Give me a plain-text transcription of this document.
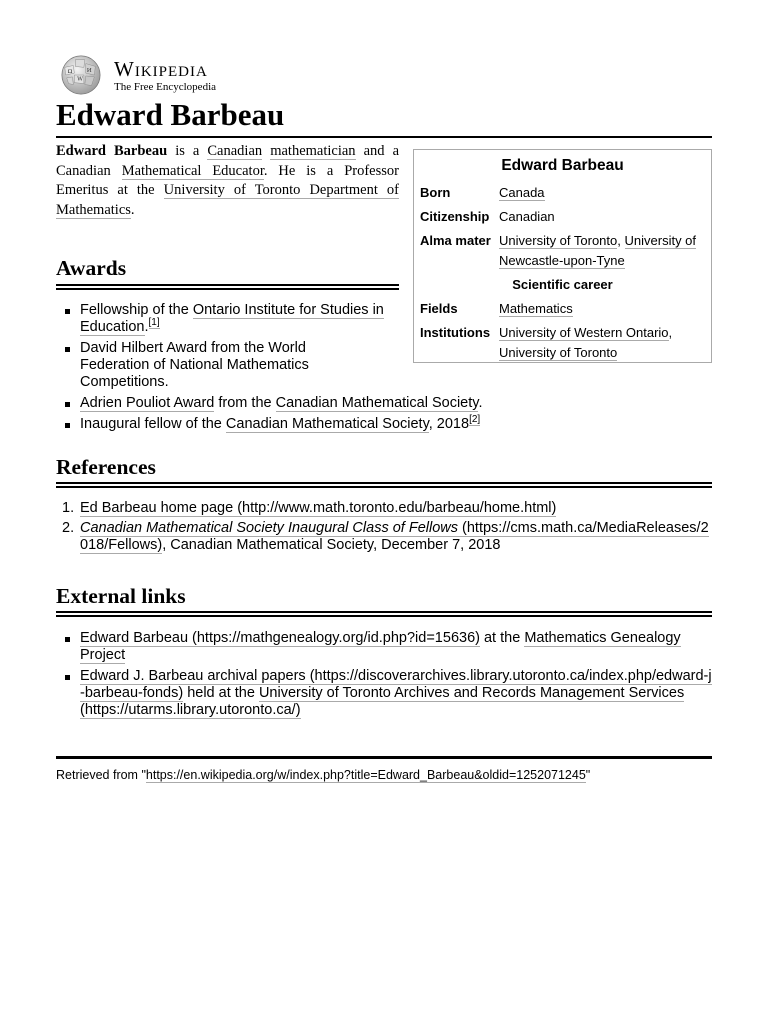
Ω
W
И Wikipedia
The Free Encyclopedia
Edward Barbeau

Edward Barbeau is a Canadian mathematician and a Canadian Mathematical Educator. He is a Professor Emeritus at the University of Toronto Department of Mathematics.

Edward Barbeau
Born	Canada
Citizenship	Canadian
Alma mater	University of Toronto, University of Newcastle-upon-Tyne
Scientific career	
Fields	Mathematics
Institutions	University of Western Ontario, University of Toronto
Awards
Fellowship of the Ontario Institute for Studies in Education.[1]
David Hilbert Award from the World Federation of National Mathematics Competitions.
Adrien Pouliot Award from the Canadian Mathematical Society.
Inaugural fellow of the Canadian Mathematical Society, 2018[2]
References
1. Ed Barbeau home page (http://www.math.toronto.edu/barbeau/home.html)
2. Canadian Mathematical Society Inaugural Class of Fellows (https://cms.math.ca/MediaReleases/2018/Fellows), Canadian Mathematical Society, December 7, 2018
External links
Edward Barbeau (https://mathgenealogy.org/id.php?id=15636) at the Mathematics Genealogy Project
Edward J. Barbeau archival papers (https://discoverarchives.library.utoronto.ca/index.php/edward-j-barbeau-fonds) held at the University of Toronto Archives and Records Management Services (https://utarms.library.utoronto.ca/)
Retrieved from "https://en.wikipedia.org/w/index.php?title=Edward_Barbeau&oldid=1252071245"
